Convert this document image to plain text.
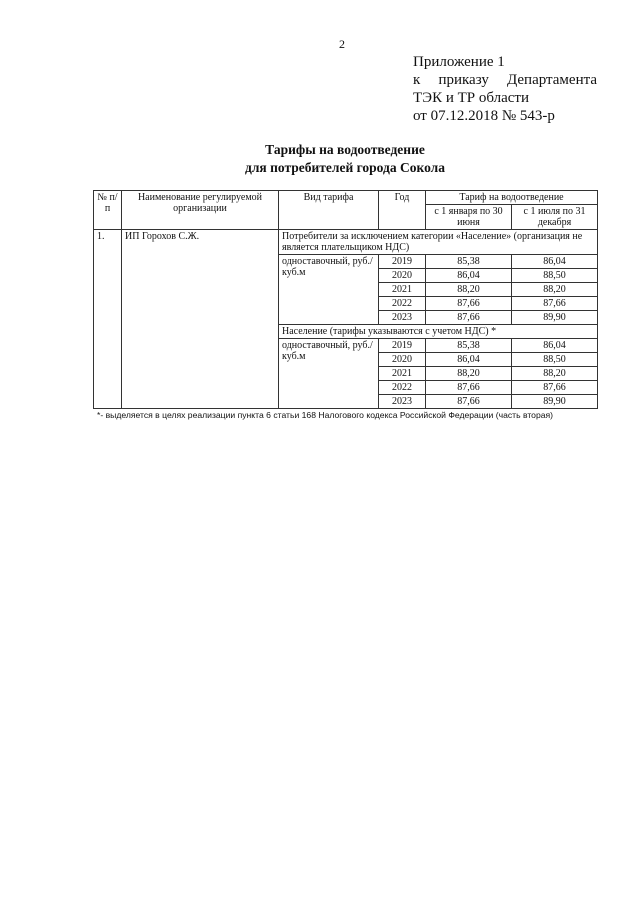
2
Приложение 1
к приказу Департамента
ТЭК и ТР области
от 07.12.2018 № 543-р
Тарифы на водоотведение
для потребителей города Сокола
№ п/п	Наименование регулируемой организации	Вид тарифа	Год	Тариф на водоотведение	
				с 1 января по 30 июня	с 1 июля по 31 декабря
1.	ИП Горохов С.Ж.	Потребители за исключением категории «Население» (организация не является плательщиком НДС)			
		одноставочный, руб./куб.м	2019	85,38	86,04
			2020	86,04	88,50
			2021	88,20	88,20
			2022	87,66	87,66
			2023	87,66	89,90
		Население (тарифы указываются с учетом НДС) *			
		одноставочный, руб./куб.м	2019	85,38	86,04
			2020	86,04	88,50
			2021	88,20	88,20
			2022	87,66	87,66
			2023	87,66	89,90
*- выделяется в целях реализации пункта 6 статьи 168 Налогового кодекса Российской Федерации (часть вторая)
